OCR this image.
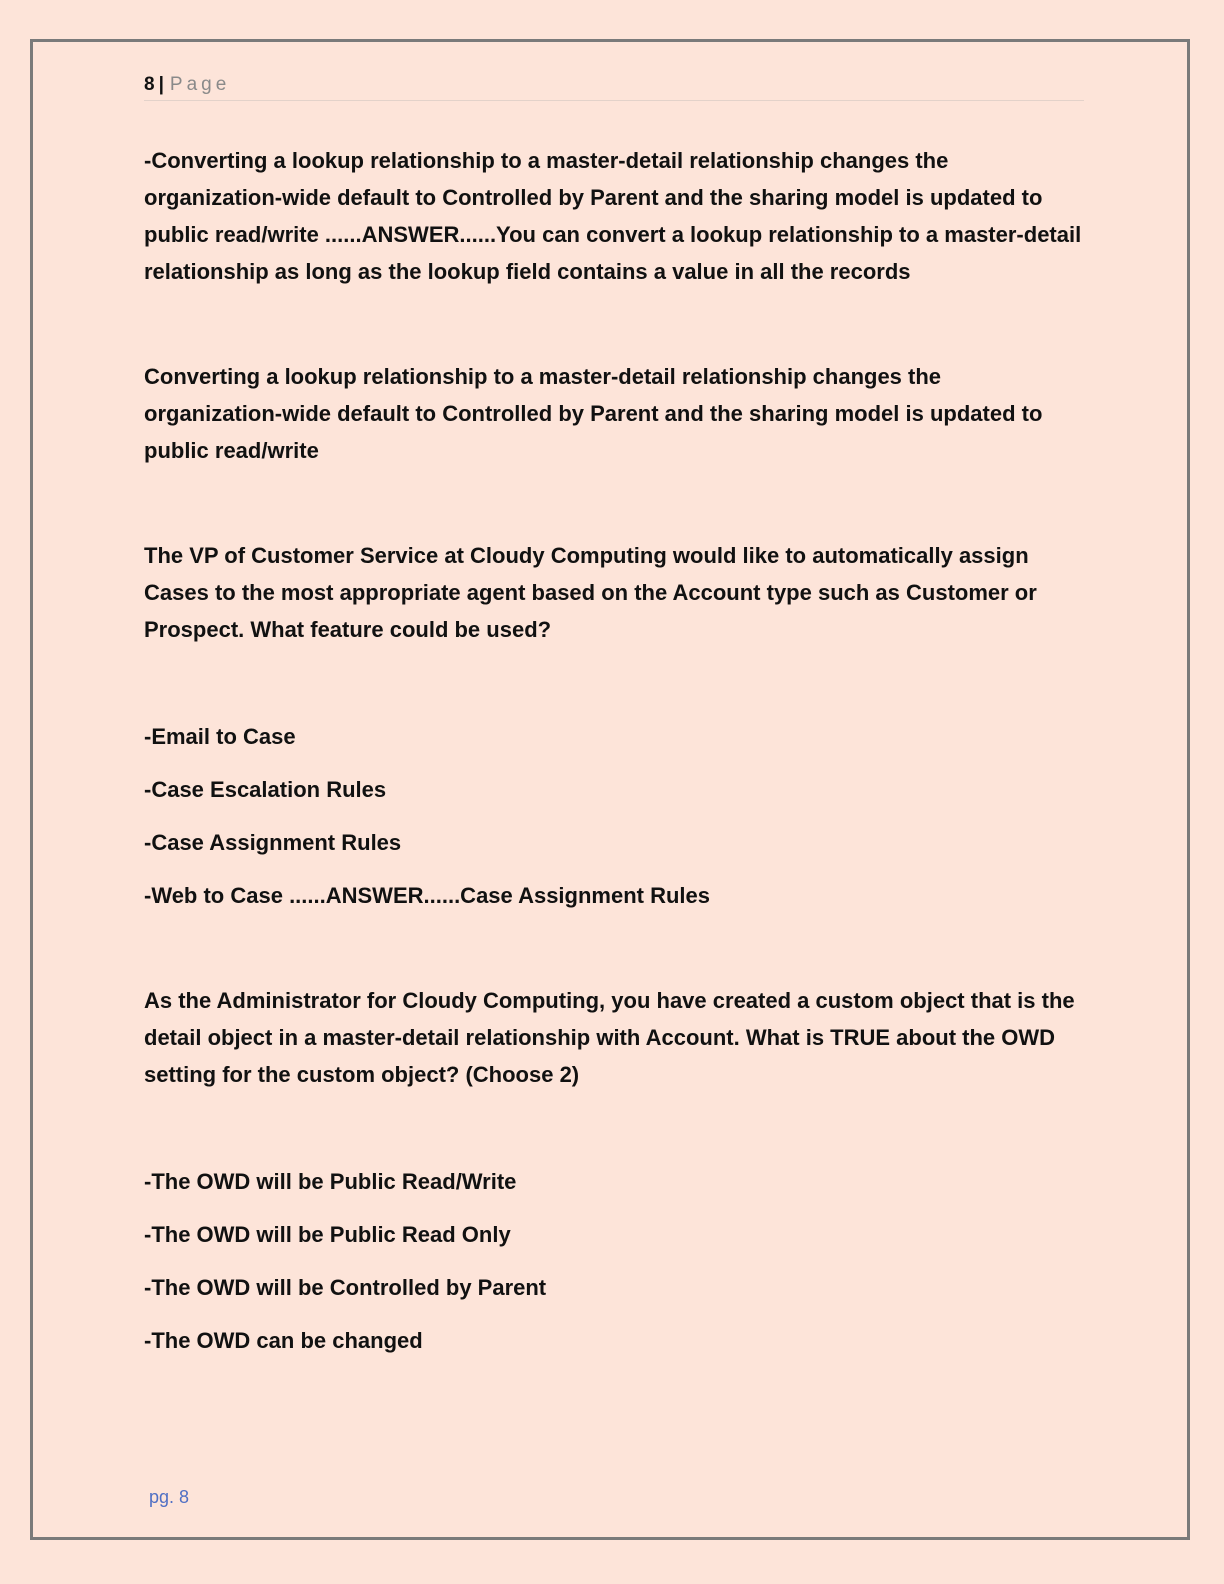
8 | Page

-Converting a lookup relationship to a master-detail relationship changes the organization-wide default to Controlled by Parent and the sharing model is updated to public read/write ......ANSWER......You can convert a lookup relationship to a master-detail relationship as long as the lookup field contains a value in all the records

Converting a lookup relationship to a master-detail relationship changes the organization-wide default to Controlled by Parent and the sharing model is updated to public read/write

The VP of Customer Service at Cloudy Computing would like to automatically assign Cases to the most appropriate agent based on the Account type such as Customer or Prospect. What feature could be used?

-Email to Case

-Case Escalation Rules

-Case Assignment Rules

-Web to Case ......ANSWER......Case Assignment Rules

As the Administrator for Cloudy Computing, you have created a custom object that is the detail object in a master-detail relationship with Account. What is TRUE about the OWD setting for the custom object? (Choose 2)

-The OWD will be Public Read/Write

-The OWD will be Public Read Only

-The OWD will be Controlled by Parent

-The OWD can be changed

pg. 8
